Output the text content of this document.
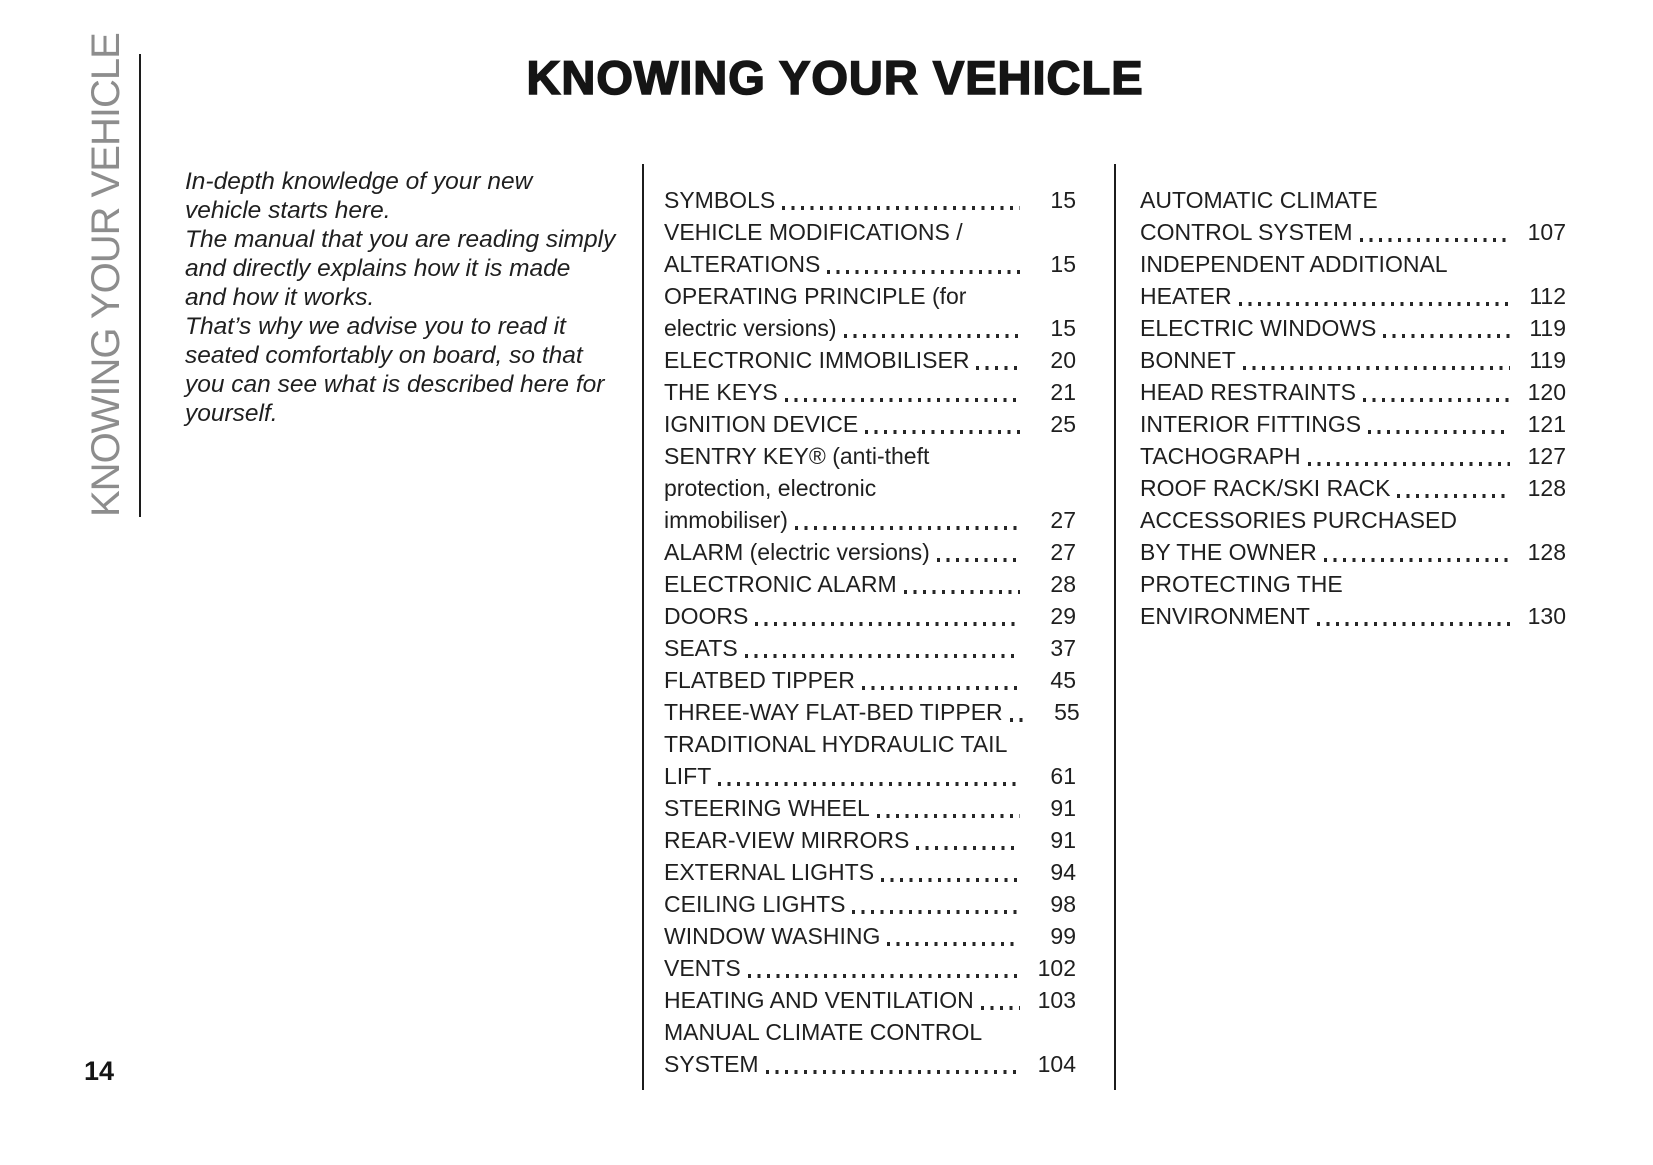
KNOWING YOUR VEHICLE	KNOWING YOUR VEHICLE

In-depth knowledge of your new
vehicle starts here.

The manual that you are reading simply
and directly explains how it is made
and how it works.

That’s why we advise you to read it
seated comfortably on board, so that
you can see what is described here for
yourself.

SYMBOLS	15
VEHICLE MODIFICATIONS /
ALTERATIONS	15
OPERATING PRINCIPLE (for
electric versions)	15
ELECTRONIC IMMOBILISER	20
THE KEYS	21
IGNITION DEVICE	25
SENTRY KEY® (anti-theft
protection, electronic
immobiliser)	27
ALARM (electric versions)	27
ELECTRONIC ALARM	28
DOORS	29
SEATS	37
FLATBED TIPPER	45
THREE-WAY FLAT-BED TIPPER	55
TRADITIONAL HYDRAULIC TAIL
LIFT	61
STEERING WHEEL	91
REAR-VIEW MIRRORS	91
EXTERNAL LIGHTS	94
CEILING LIGHTS	98
WINDOW WASHING	99
VENTS	102
HEATING AND VENTILATION	103
MANUAL CLIMATE CONTROL
SYSTEM	104
AUTOMATIC CLIMATE
CONTROL SYSTEM	107
INDEPENDENT ADDITIONAL
HEATER	112
ELECTRIC WINDOWS	119
BONNET	119
HEAD RESTRAINTS	120
INTERIOR FITTINGS	121
TACHOGRAPH	127
ROOF RACK/SKI RACK	128
ACCESSORIES PURCHASED
BY THE OWNER	128
PROTECTING THE
ENVIRONMENT	130
14
